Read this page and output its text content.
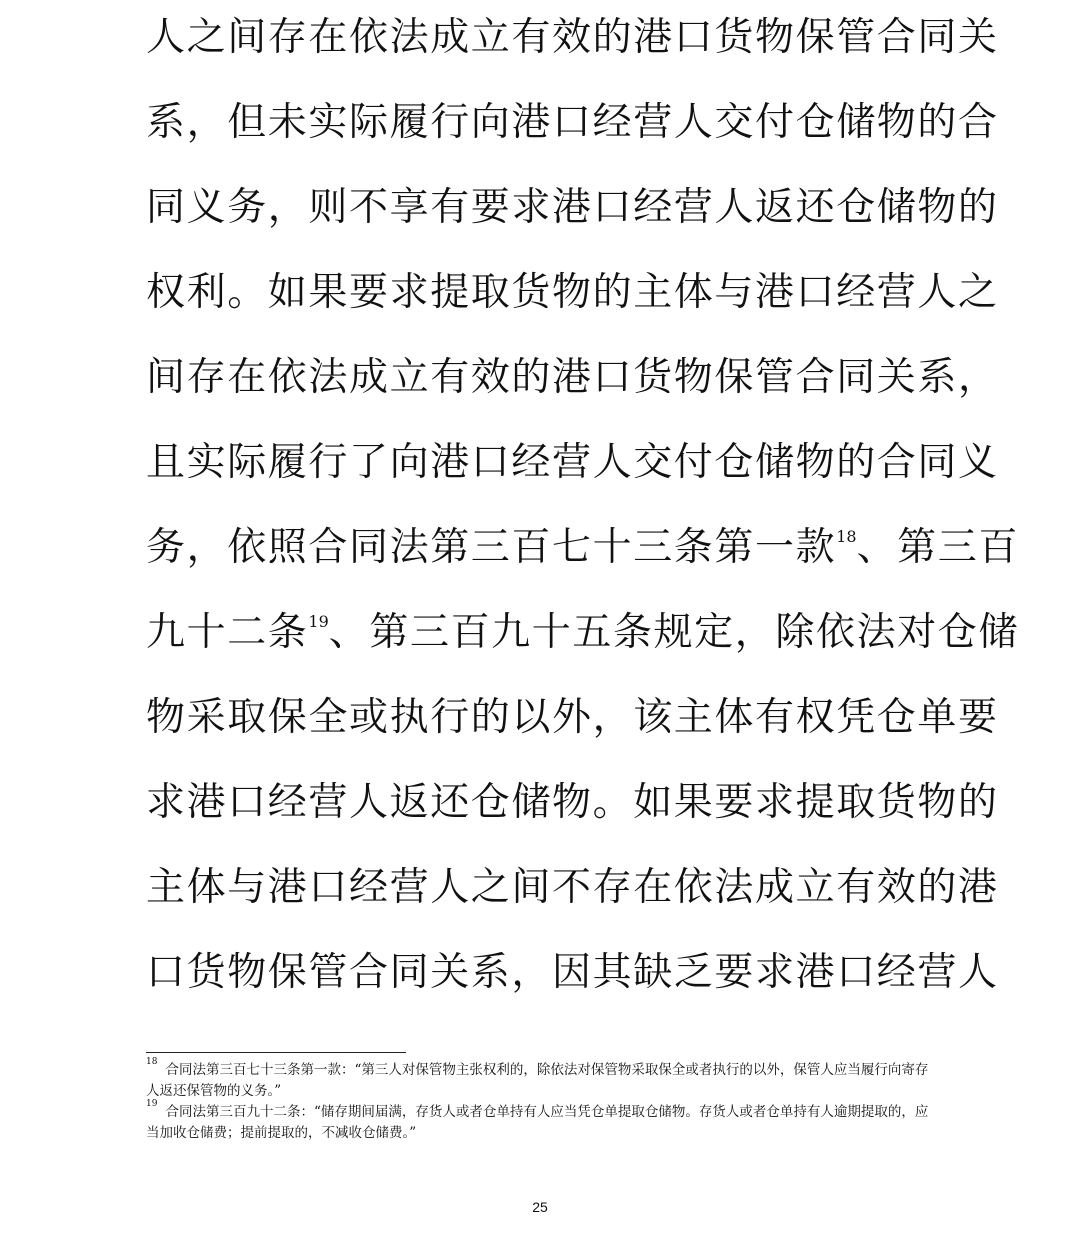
人之间存在依法成立有效的港口货物保管合同关
系，但未实际履行向港口经营人交付仓储物的合
同义务，则不享有要求港口经营人返还仓储物的
权利。如果要求提取货物的主体与港口经营人之
间存在依法成立有效的港口货物保管合同关系，
且实际履行了向港口经营人交付仓储物的合同义
务，依照合同法第三百七十三条第一款$^{18}$、第三百
九十二条$^{19}$、第三百九十五条规定，除依法对仓储
物采取保全或执行的以外，该主体有权凭仓单要
求港口经营人返还仓储物。如果要求提取货物的
主体与港口经营人之间不存在依法成立有效的港
口货物保管合同关系，因其缺乏要求港口经营人

$^{18}$合同法第三百七十三条第一款：“第三人对保管物主张权利的，除依法对保管物采取保全或者执行的以外，保管人应当履行向寄存

人返还保管物的义务。”

$^{19}$合同法第三百九十二条：“储存期间届满，存货人或者仓单持有人应当凭仓单提取仓储物。存货人或者仓单持有人逾期提取的，应

当加收仓储费；提前提取的，不减收仓储费。”

25
